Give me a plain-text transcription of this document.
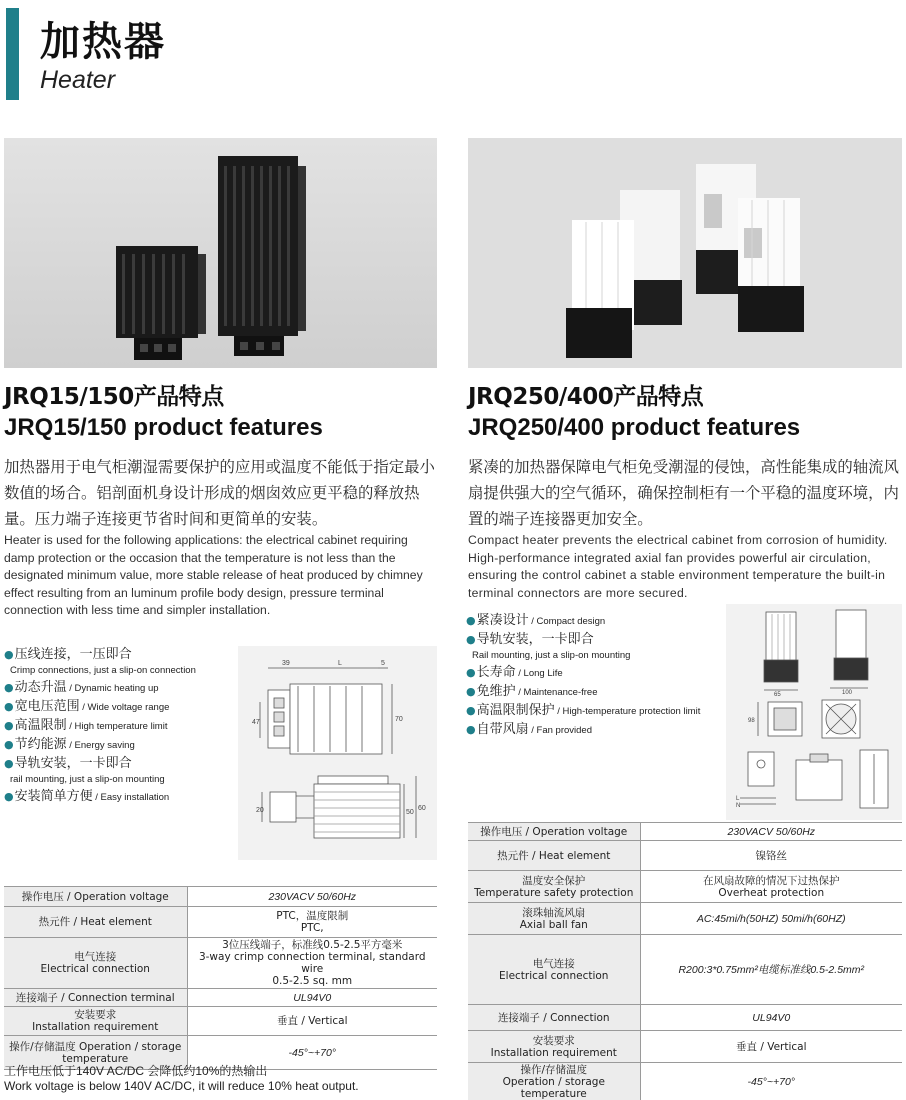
加热器
Heater
JRQ15/150产品特点
JRQ15/150 product features
JRQ250/400产品特点
JRQ250/400 product features
加热器用于电气柜潮湿需要保护的应用或温度不能低于指定最小数值的场合。铝剖面机身设计形成的烟囱效应更平稳的释放热量。压力端子连接更节省时间和更简单的安装。
Heater is used for the following applications: the electrical cabinet requiring damp protection or the occasion that the temperature is not less than the designated minimum value, more stable release of heat produced by chimney effect resulting from an luminum profile body design, pressure terminal connection with less time and simpler installation.
紧凑的加热器保障电气柜免受潮湿的侵蚀，高性能集成的轴流风扇提供强大的空气循环，确保控制柜有一个平稳的温度环境，内置的端子连接器更加安全。
Compact heater prevents the electrical cabinet from corrosion of humidity. High-performance integrated axial fan provides powerful air circulation, ensuring the control cabinet a stable environment temperature the built-in terminal connectors are more secured.
●压线连接，一压即合
Crimp connections, just a slip-on connection
●动态升温 / Dynamic heating up
●宽电压范围 / Wide voltage range
●高温限制 / High temperature limit
●节约能源 / Energy saving
●导轨安装，一卡即合
rail mounting, just a slip-on mounting
●安装简单方便 / Easy installation
●紧凑设计 / Compact design
●导轨安装，一卡即合
Rail mounting, just a slip-on mounting
●长寿命 / Long Life
●免维护 / Maintenance-free
●高温限制保护 / High-temperature protection limit
●自带风扇 / Fan provided
39	L	5
47	70
20	50
60
65	100
98
L
N
操作电压 / Operation voltage	230VACV 50/60Hz
热元件 / Heat element	PTC，温度限制
PTC,
电气连接
Electrical connection	3位压线端子，标准线0.5-2.5平方毫米
3-way crimp connection terminal, standard wire
0.5-2.5 sq. mm
连接端子 / Connection terminal	UL94V0
安装要求
Installation requirement	垂直 / Vertical
操作/存储温度 Operation / storage
temperature	-45°~+70°
工作电压低于140V AC/DC 会降低约10%的热输出
Work voltage is below 140V AC/DC, it will reduce 10% heat output.
操作电压 / Operation voltage	230VACV 50/60Hz
热元件 / Heat element	镍铬丝
温度安全保护
Temperature safety protection	在风扇故障的情况下过热保护
Overheat protection
滚珠轴流风扇
Axial ball fan	AC:45mi/h(50HZ) 50mi/h(60HZ)
电气连接
Electrical connection	R200:3*0.75mm²电缆标准线0.5-2.5mm²
连接端子 / Connection	UL94V0
安装要求
Installation requirement	垂直 / Vertical
操作/存储温度
Operation / storage temperature	-45°~+70°
